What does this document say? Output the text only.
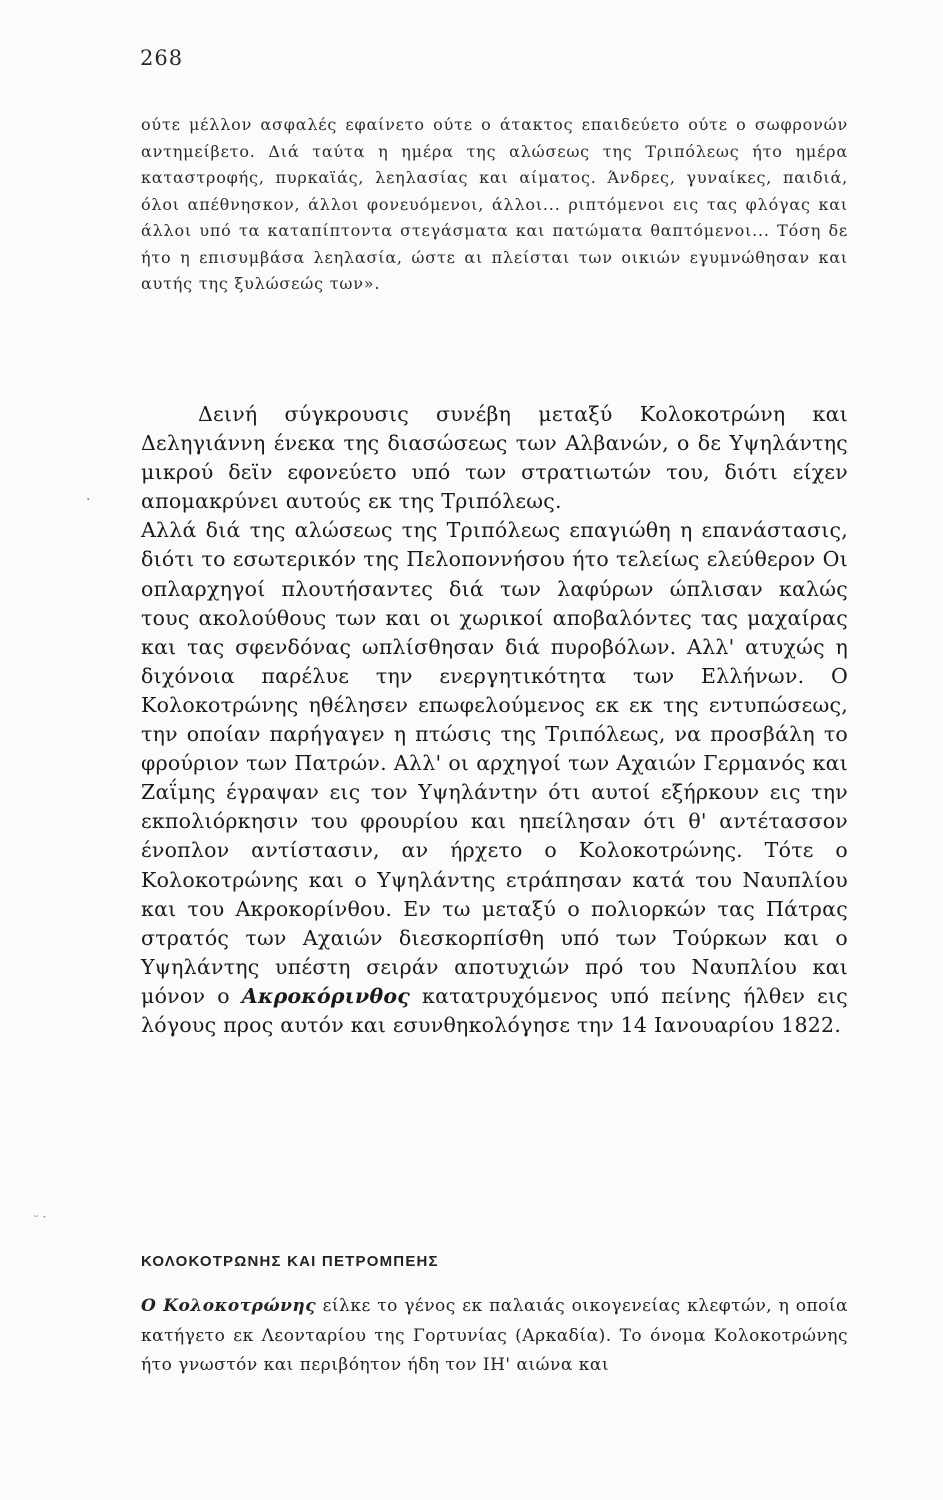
268

ούτε μέλλον ασφαλές εφαίνετο ούτε ο άτακτος επαιδεύετο ούτε ο σωφρονών αντημείβετο. Διά ταύτα η ημέρα της αλώσεως της Τριπόλεως ήτο ημέρα καταστροφής, πυρκαϊάς, λεηλασίας και αίματος. Άνδρες, γυναίκες, παιδιά, όλοι απέθνησκον, άλλοι φονευόμενοι, άλλοι... ριπτόμενοι εις τας φλόγας και άλλοι υπό τα καταπίπτοντα στεγάσματα και πατώματα θαπτόμενοι... Τόση δε ήτο η επισυμβάσα λεηλασία, ώστε αι πλείσται των οικιών εγυμνώθησαν και αυτής της ξυλώσεώς των».

Δεινή σύγκρουσις συνέβη μεταξύ Κολοκοτρώνη και Δεληγιάννη ένεκα της διασώσεως των Αλβανών, ο δε Υψηλάντης μικρού δεϊν εφονεύετο υπό των στρατιωτών του, διότι είχεν απομακρύνει αυτούς εκ της Τριπόλεως.

Αλλά διά της αλώσεως της Τριπόλεως επαγιώθη η επανάστασις, διότι το εσωτερικόν της Πελοποννήσου ήτο τελείως ελεύθερον Οι οπλαρχηγοί πλουτήσαντες διά των λαφύρων ώπλισαν καλώς τους ακολούθους των και οι χωρικοί αποβαλόντες τας μαχαίρας και τας σφενδόνας ωπλίσθησαν διά πυροβόλων. Αλλ' ατυχώς η διχόνοια παρέλυε την ενεργητικότητα των Ελλήνων. Ο Κολοκοτρώνης ηθέλησεν επωφελούμενος εκ εκ της εντυπώσεως, την οποίαν παρήγαγεν η πτώσις της Τριπόλεως, να προσβάλη το φρούριον των Πατρών. Αλλ' οι αρχηγοί των Αχαιών Γερμανός και Ζαΐμης έγραψαν εις τον Υψηλάντην ότι αυτοί εξήρκουν εις την εκπολιόρκησιν του φρουρίου και ηπείλησαν ότι θ' αντέτασσον ένοπλον αντίστασιν, αν ήρχετο ο Κολοκοτρώνης. Τότε ο Κολοκοτρώνης και ο Υψηλάντης ετράπησαν κατά του Ναυπλίου και του Ακροκορίνθου. Εν τω μεταξύ ο πολιορκών τας Πάτρας στρατός των Αχαιών διεσκορπίσθη υπό των Τούρκων και ο Υψηλάντης υπέστη σειράν αποτυχιών πρό του Ναυπλίου και μόνον ο Ακροκόρινθος κατατρυχόμενος υπό πείνης ήλθεν εις λόγους προς αυτόν και εσυνθηκολόγησε την 14 Ιανουαρίου 1822.

·
ᵕ ·
ΚΟΛΟΚΟΤΡΩΝΗΣ ΚΑΙ ΠΕΤΡΟΜΠΕΗΣ

Ο Κολοκοτρώνης είλκε το γένος εκ παλαιάς οικογενείας κλεφτών, η οποία κατήγετο εκ Λεονταρίου της Γορτυνίας (Αρκαδία). Το όνομα Κολοκοτρώνης ήτο γνωστόν και περιβόητον ήδη τον ΙΗ' αιώνα και
